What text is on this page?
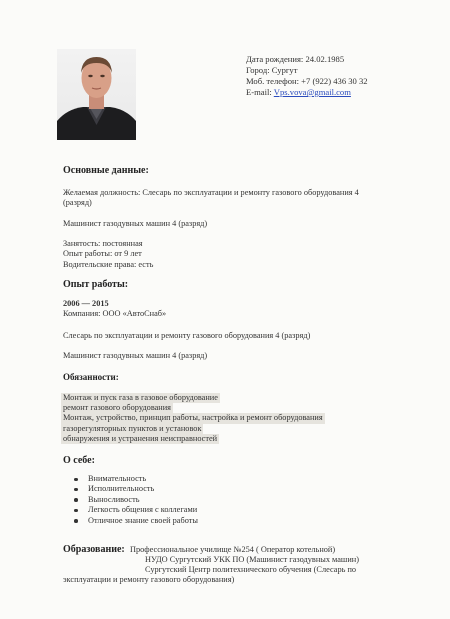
Дата рождения: 24.02.1985
Город: Сургут
Моб. телефон: +7 (922) 436 30 32
E-mail: Vps.vova@gmail.com
Основные данные:
Желаемая должность: Слесарь по эксплуатации и ремонту газового оборудования 4
(разряд)
Машинист газодувных машин 4 (разряд)
Занятость: постоянная
Опыт работы: от 9 лет
Водительские права: есть
Опыт работы:
2006 — 2015
Компания: ООО «АвтоСнаб»
Слесарь по эксплуатации и ремонту газового оборудования 4 (разряд)
Машинист газодувных машин 4 (разряд)
Обязанности:
Монтаж и пуск газа в газовое оборудование
ремонт газового оборудования
Монтаж, устройство, принцип работы, настройка и ремонт оборудования
газорегуляторных пунктов и установок
обнаружения и устранения неисправностей
О себе:
Внимательность
Исполнительность
Выносливость
Легкость общения с коллегами
Отличное знание своей работы
Образование: Профессиональное училище №254 ( Оператор котельной)
НУДО Сургутский УКК ПО (Машинист газодувных машин)
Сургутский Центр политехнического обучения (Слесарь по
эксплуатации и ремонту газового оборудования)
